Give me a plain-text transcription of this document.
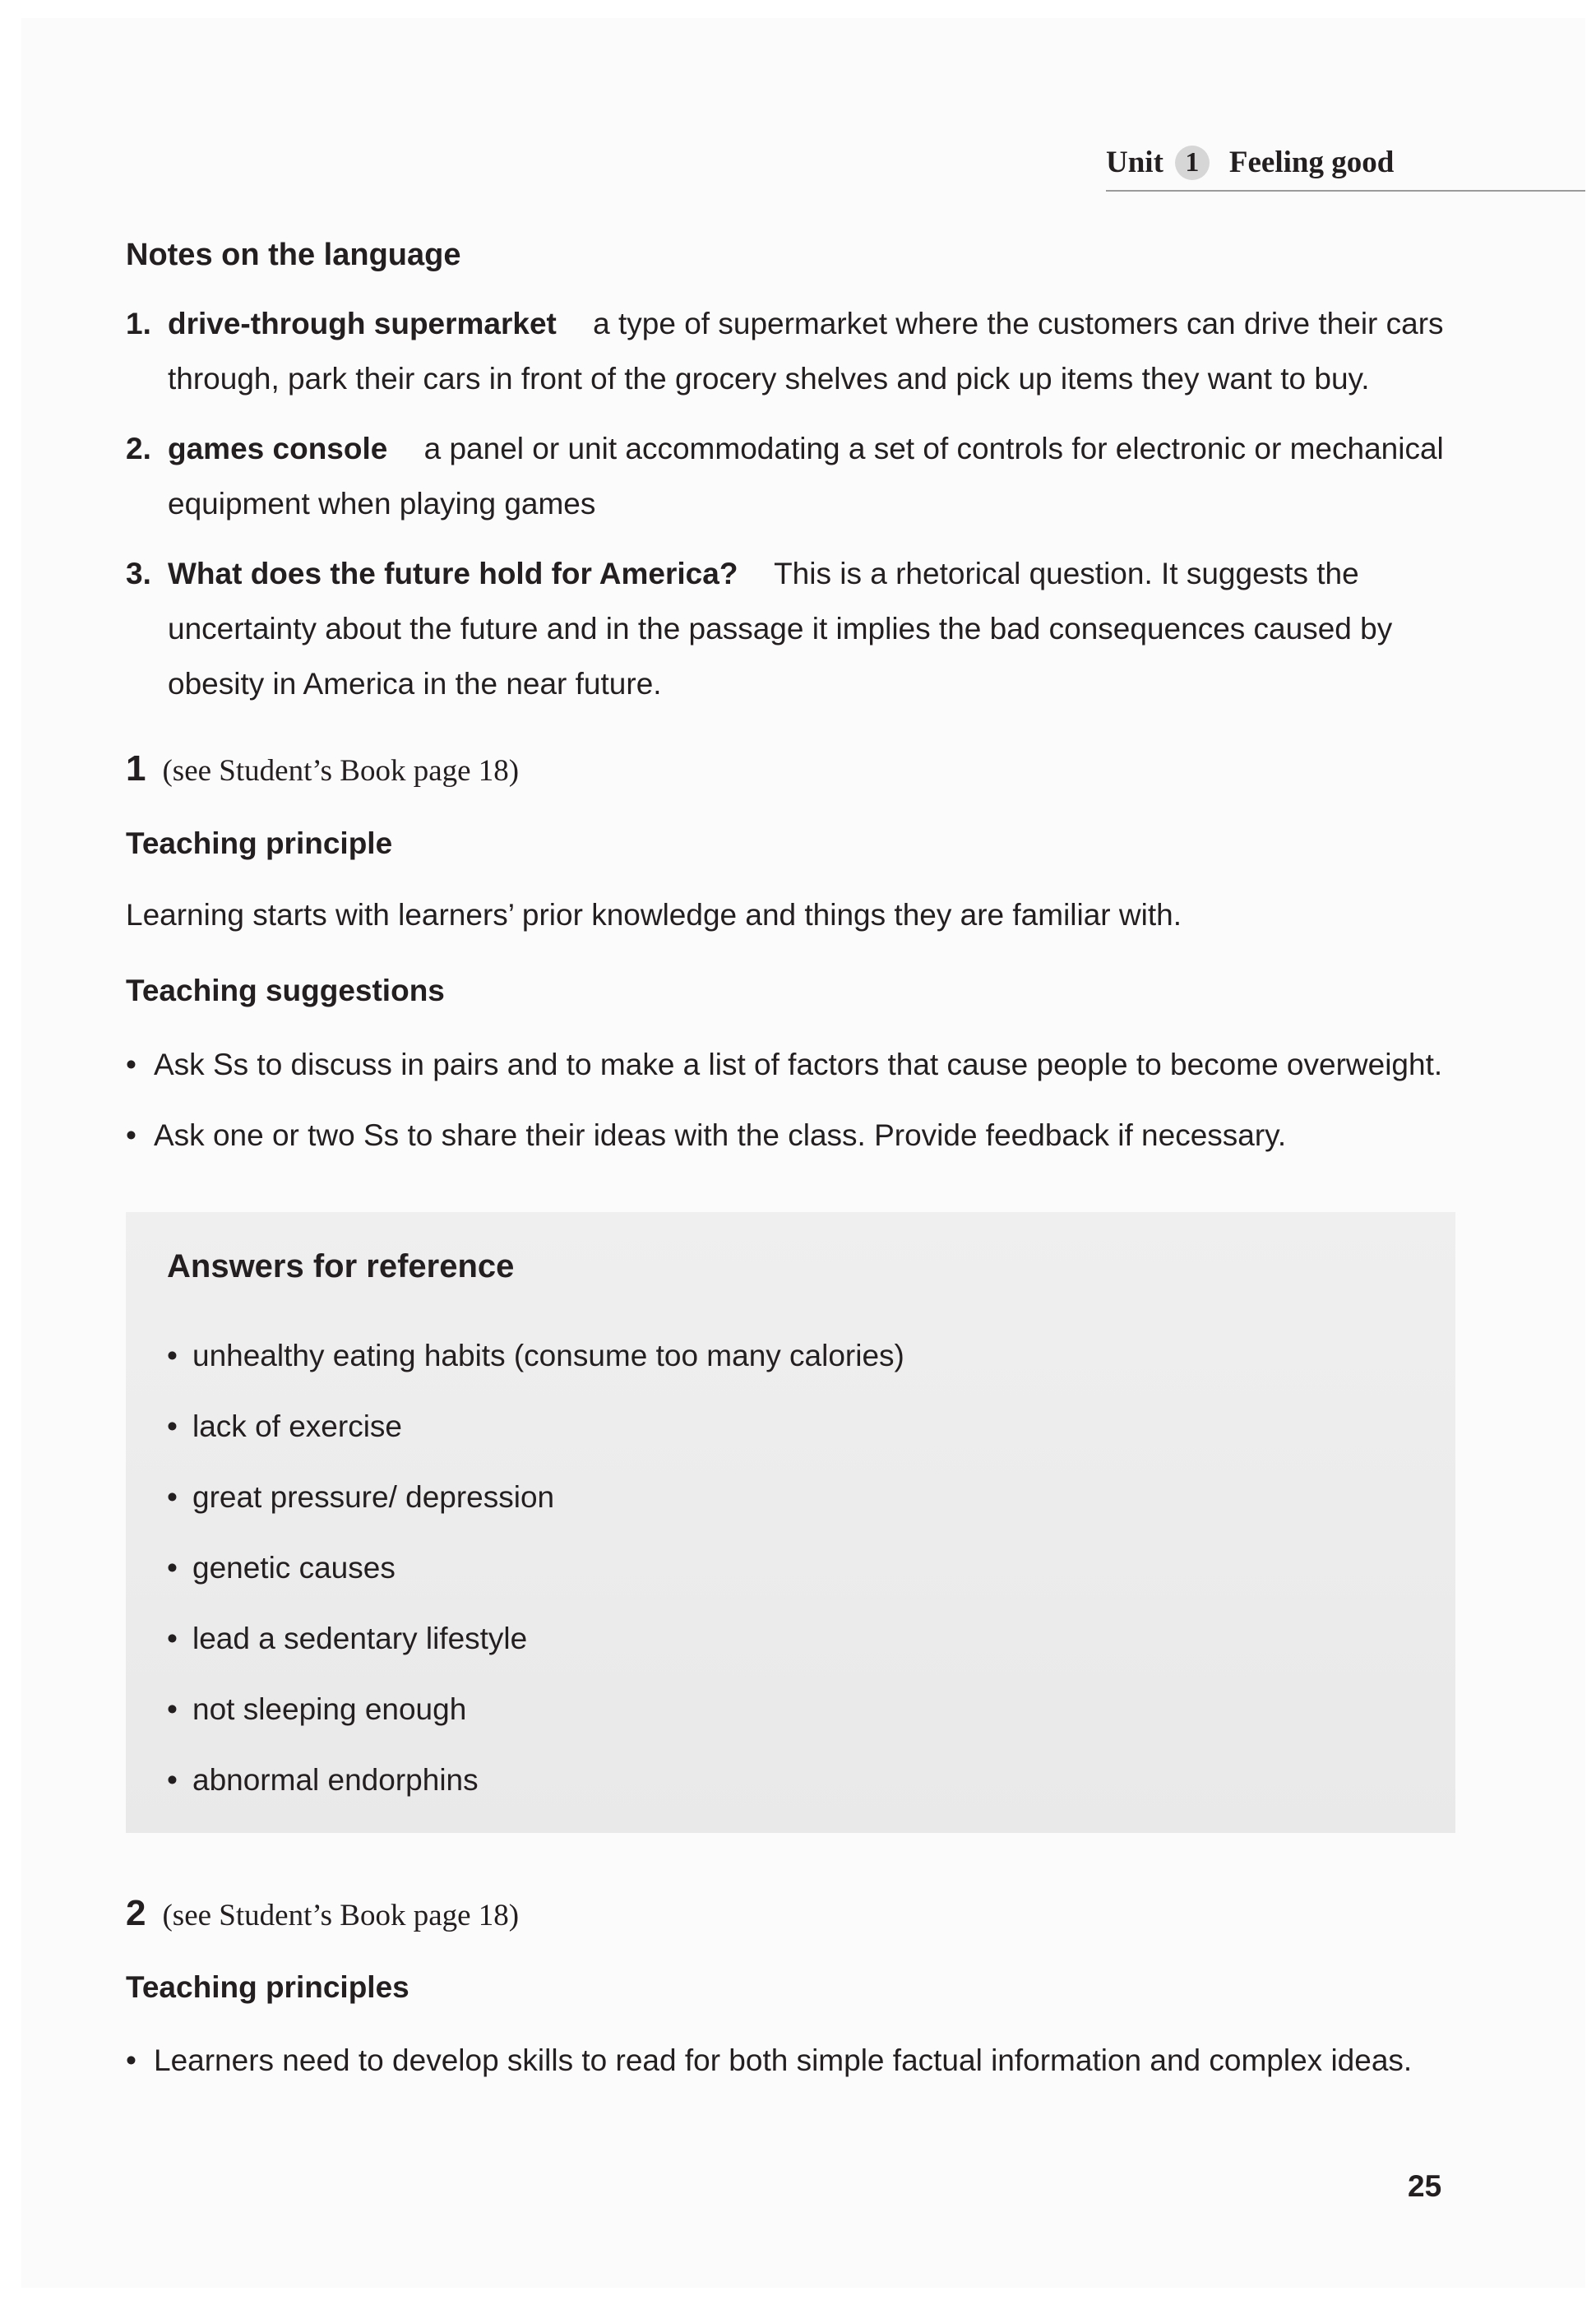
Unit 1 Feeling good
Notes on the language
1. drive-through supermarket a type of supermarket where the customers can drive their cars through, park their cars in front of the grocery shelves and pick up items they want to buy.
2. games console a panel or unit accommodating a set of controls for electronic or mechanical equipment when playing games
3. What does the future hold for America? This is a rhetorical question. It suggests the uncertainty about the future and in the passage it implies the bad consequences caused by obesity in America in the near future.
1 (see Student’s Book page 18)
Teaching principle
Learning starts with learners’ prior knowledge and things they are familiar with.
Teaching suggestions
• Ask Ss to discuss in pairs and to make a list of factors that cause people to become overweight.
• Ask one or two Ss to share their ideas with the class. Provide feedback if necessary.
Answers for reference
• unhealthy eating habits (consume too many calories)
• lack of exercise
• great pressure/ depression
• genetic causes
• lead a sedentary lifestyle
• not sleeping enough
• abnormal endorphins
2 (see Student’s Book page 18)
Teaching principles
• Learners need to develop skills to read for both simple factual information and complex ideas.
25
